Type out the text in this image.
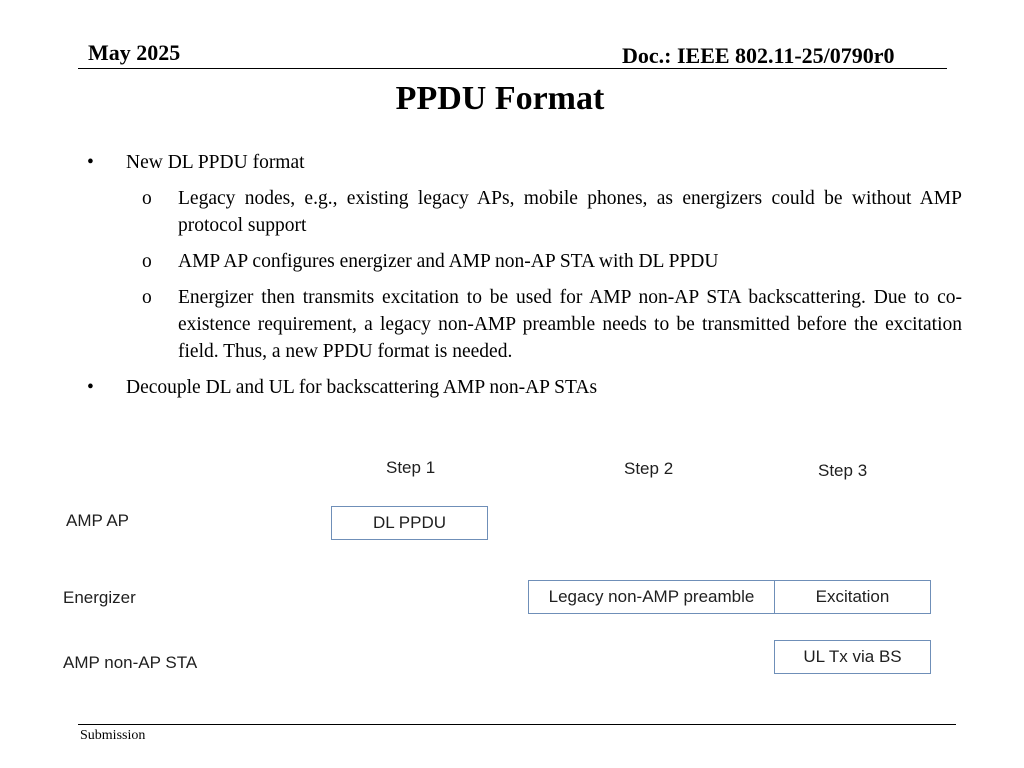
May 2025	Doc.: IEEE 802.11-25/0790r0
PPDU Format
• New DL PPDU format
o Legacy nodes, e.g., existing legacy APs, mobile phones, as energizers could be without AMP protocol support
o AMP AP configures energizer and AMP non-AP STA with DL PPDU
o Energizer then transmits excitation to be used for AMP non-AP STA backscattering. Due to co-existence requirement, a legacy non-AMP preamble needs to be transmitted before the excitation field. Thus, a new PPDU format is needed.
• Decouple DL and UL for backscattering AMP non-AP STAs
Step 1	Step 2	Step 3
AMP AP
Energizer
AMP non-AP STA
DL PPDU
Legacy non-AMP preamble	Excitation
UL Tx via BS
Submission
